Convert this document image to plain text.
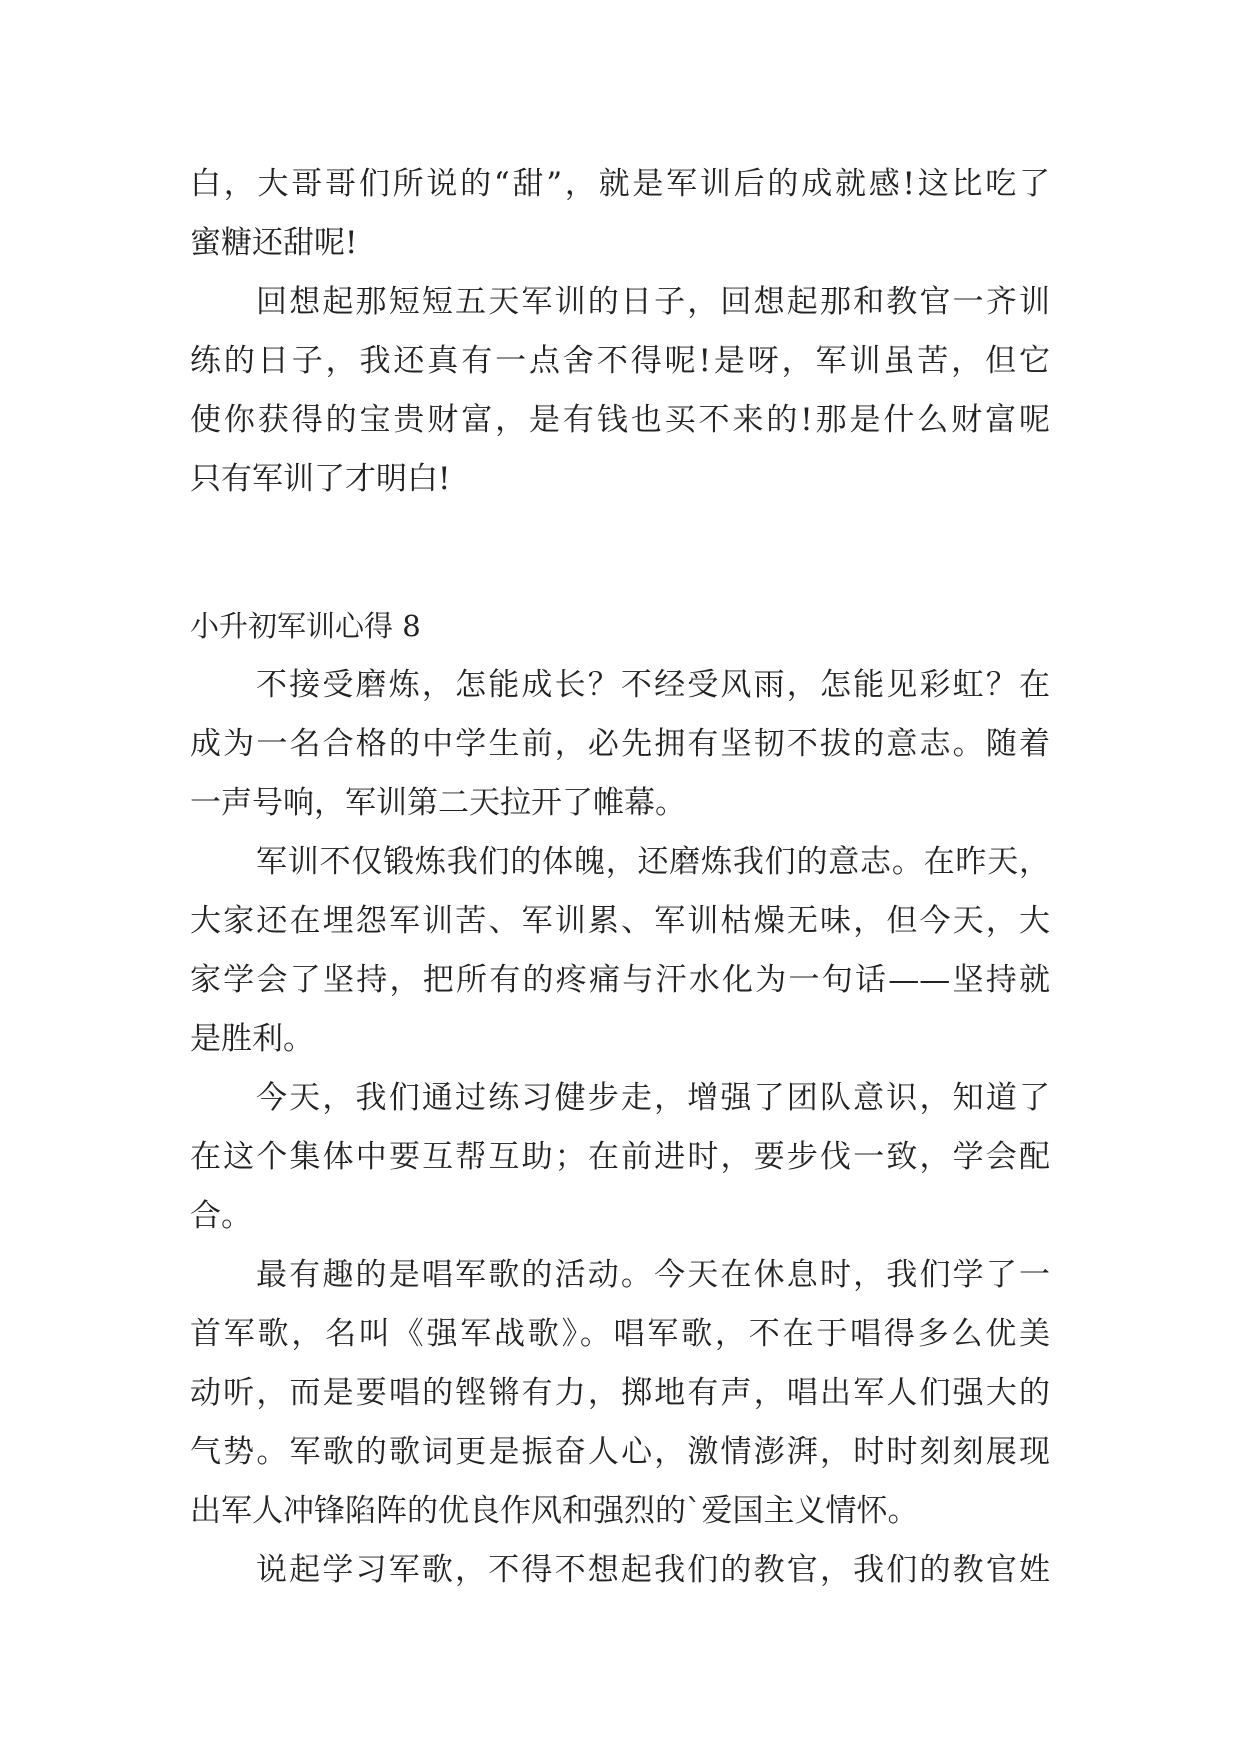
白，大哥哥们所说的“甜”，就是军训后的成就感!这比吃了
蜜糖还甜呢!
回想起那短短五天军训的日子，回想起那和教官一齐训
练的日子，我还真有一点舍不得呢!是呀，军训虽苦，但它
使你获得的宝贵财富，是有钱也买不来的!那是什么财富呢
只有军训了才明白!
小升初军训心得 8
不接受磨炼，怎能成长？不经受风雨，怎能见彩虹？在
成为一名合格的中学生前，必先拥有坚韧不拔的意志。随着
一声号响，军训第二天拉开了帷幕。
军训不仅锻炼我们的体魄，还磨炼我们的意志。在昨天，
大家还在埋怨军训苦、军训累、军训枯燥无味，但今天，大
家学会了坚持，把所有的疼痛与汗水化为一句话——坚持就
是胜利。
今天，我们通过练习健步走，增强了团队意识，知道了
在这个集体中要互帮互助；在前进时，要步伐一致，学会配
合。
最有趣的是唱军歌的活动。今天在休息时，我们学了一
首军歌，名叫《强军战歌》。唱军歌，不在于唱得多么优美
动听，而是要唱的铿锵有力，掷地有声，唱出军人们强大的
气势。军歌的歌词更是振奋人心，激情澎湃，时时刻刻展现
出军人冲锋陷阵的优良作风和强烈的`爱国主义情怀。
说起学习军歌，不得不想起我们的教官，我们的教官姓
